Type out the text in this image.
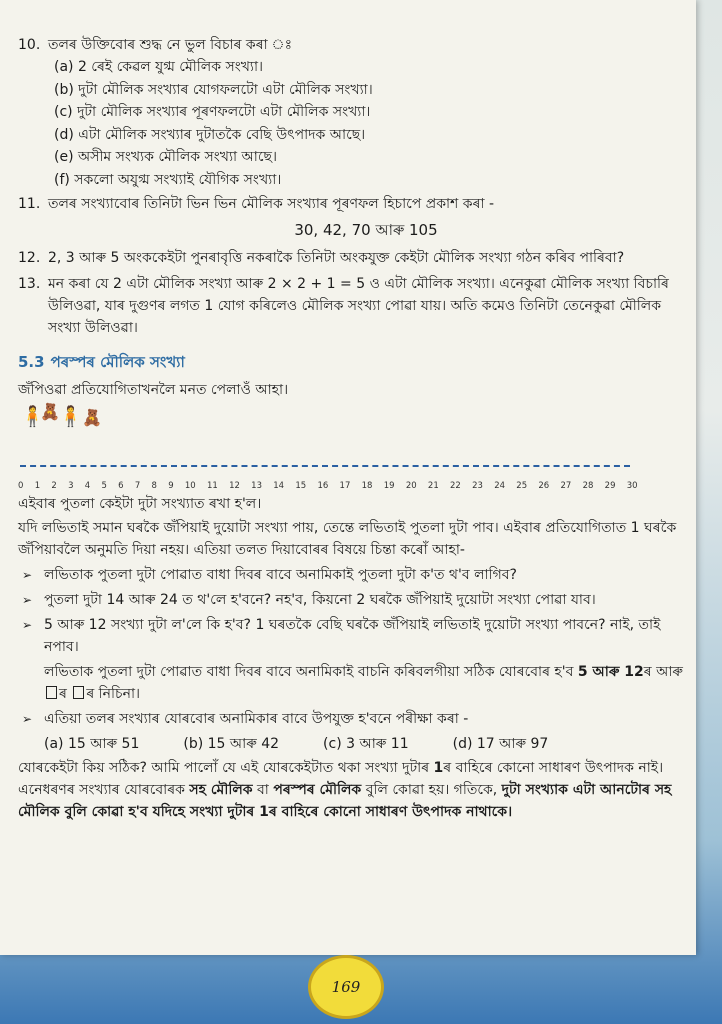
10. তলৰ উক্তিবোৰ শুদ্ধ নে ভুল বিচাৰ কৰা ঃ
(a) 2 ৰেই কেৱল যুগ্ম মৌলিক সংখ্যা।
(b) দুটা মৌলিক সংখ্যাৰ যোগফলটো এটা মৌলিক সংখ্যা।
(c) দুটা মৌলিক সংখ্যাৰ পূৰণফলটো এটা মৌলিক সংখ্যা।
(d) এটা মৌলিক সংখ্যাৰ দুটাতকৈ বেছি উৎপাদক আছে।
(e) অসীম সংখ্যক মৌলিক সংখ্যা আছে।
(f) সকলো অযুগ্ম সংখ্যাই যৌগিক সংখ্যা।
11. তলৰ সংখ্যাবোৰ তিনিটা ভিন ভিন মৌলিক সংখ্যাৰ পূৰণফল হিচাপে প্ৰকাশ কৰা -
30, 42, 70 আৰু 105
12. 2, 3 আৰু 5 অংককেইটা পুনৰাবৃত্তি নকৰাকৈ তিনিটা অংকযুক্ত কেইটা মৌলিক সংখ্যা গঠন কৰিব পাৰিবা?
13. মন কৰা যে 2 এটা মৌলিক সংখ্যা আৰু 2 × 2 + 1 = 5 ও এটা মৌলিক সংখ্যা। এনেকুৱা মৌলিক সংখ্যা বিচাৰি উলিওৱা, যাৰ দুগুণৰ লগত 1 যোগ কৰিলেও মৌলিক সংখ্যা পোৱা যায়। অতি কমেও তিনিটা তেনেকুৱা মৌলিক সংখ্যা উলিওৱা।
5.3 পৰস্পৰ মৌলিক সংখ্যা

জঁপিওৱা প্ৰতিযোগিতাখনলৈ মনত পেলাওঁ আহা।

🧍
🧸
🧍 🧸
0 1 2 3 4 5 6 7 8 9 10 11 12 13 14 15 16 17 18 19 20 21 22 23 24 25 26 27 28 29 30

এইবাৰ পুতলা কেইটা দুটা সংখ্যাত ৰখা হ'ল।

যদি লভিতাই সমান ঘৰকৈ জঁপিয়াই দুয়োটা সংখ্যা পায়, তেন্তে লভিতাই পুতলা দুটা পাব। এইবাৰ প্ৰতিযোগিতাত 1 ঘৰকৈ জঁপিয়াবলৈ অনুমতি দিয়া নহয়। এতিয়া তলত দিয়াবোৰৰ বিষয়ে চিন্তা কৰোঁ আহা-

➢ লভিতাক পুতলা দুটা পোৱাত বাধা দিবৰ বাবে অনামিকাই পুতলা দুটা ক'ত থ'ব লাগিব?
➢ পুতলা দুটা 14 আৰু 24 ত থ'লে হ'বনে? নহ'ব, কিয়নো 2 ঘৰকৈ জঁপিয়াই দুয়োটা সংখ্যা পোৱা যাব।
➢ 5 আৰু 12 সংখ্যা দুটা ল'লে কি হ'ব? 1 ঘৰতকৈ বেছি ঘৰকৈ জঁপিয়াই লভিতাই দুয়োটা সংখ্যা পাবনে? নাই, তাই নপাব।
লভিতাক পুতলা দুটা পোৱাত বাধা দিবৰ বাবে অনামিকাই বাচনি কৰিবলগীয়া সঠিক যোৰবোৰ হ'ব 5 আৰু 12ৰ আৰু ৰ ৰ নিচিনা।
➢ এতিয়া তলৰ সংখ্যাৰ যোৰবোৰ অনামিকাৰ বাবে উপযুক্ত হ'বনে পৰীক্ষা কৰা -
(a) 15 আৰু 51	(b) 15 আৰু 42	(c) 3 আৰু 11	(d) 17 আৰু 97

যোৰকেইটা কিয় সঠিক? আমি পালোঁ যে এই যোৰকেইটাত থকা সংখ্যা দুটাৰ 1ৰ বাহিৰে কোনো সাধাৰণ উৎপাদক নাই। এনেধৰণৰ সংখ্যাৰ যোৰবোৰক সহ মৌলিক বা পৰস্পৰ মৌলিক বুলি কোৱা হয়। গতিকে, দুটা সংখ্যাক এটা আনটোৰ সহ মৌলিক বুলি কোৱা হ'ব যদিহে সংখ্যা দুটাৰ 1ৰ বাহিৰে কোনো সাধাৰণ উৎপাদক নাথাকে।

169
